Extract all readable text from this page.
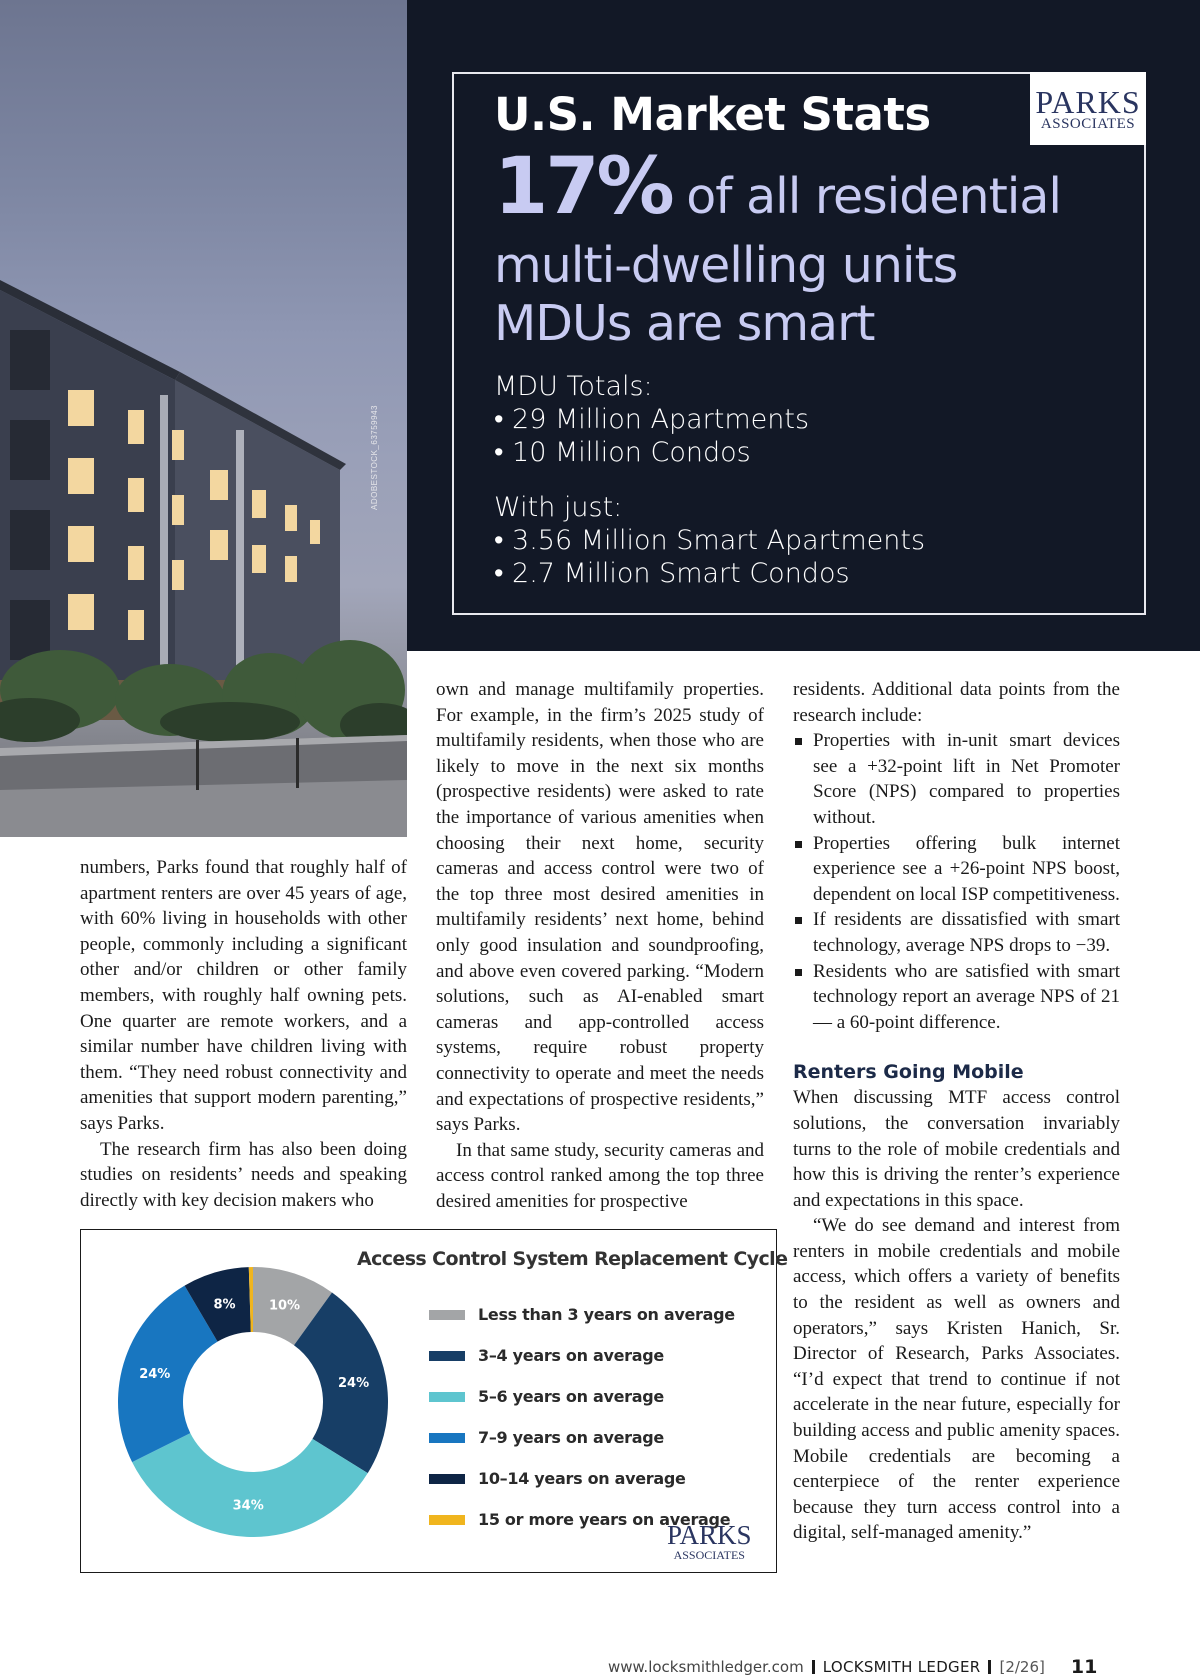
ADOBESTOCK_63759943
PARKS
ASSOCIATES
U.S. Market Stats
17% of all residential
multi-dwelling units
MDUs are smart
MDU Totals:
• 29 Million Apartments
• 10 Million Condos
With just:
• 3.56 Million Smart Apartments
• 2.7 Million Smart Condos

numbers, Parks found that roughly half of apartment renters are over 45 years of age, with 60% living in households with other people, commonly including a significant other and/or children or other family members, with roughly half owning pets. One quarter are remote workers, and a similar number have children living with them. “They need robust connectivity and amenities that support modern parenting,” says Parks.

The research firm has also been doing studies on residents’ needs and speaking directly with key decision makers who

own and manage multifamily properties. For example, in the firm’s 2025 study of multifamily residents, when those who are likely to move in the next six months (prospective residents) were asked to rate the importance of various amenities when choosing their next home, security cameras and access control were two of the top three most desired amenities in multifamily residents’ next home, behind only good insulation and soundproofing, and above even covered parking. “Modern solutions, such as AI-enabled smart cameras and app-controlled access systems, require robust property connectivity to operate and meet the needs and expectations of prospective residents,” says Parks.

In that same study, security cameras and access control ranked among the top three desired amenities for prospective

residents. Additional data points from the research include:

Properties with in-unit smart devices see a +32-point lift in Net Promoter Score (NPS) compared to properties without.
Properties offering bulk internet experience see a +26-point NPS boost, dependent on local ISP competitiveness.
If residents are dissatisfied with smart technology, average NPS drops to −39.
Residents who are satisfied with smart technology report an average NPS of 21 — a 60-point difference.
Renters Going Mobile

When discussing MTF access control solutions, the conversation invariably turns to the role of mobile credentials and how this is driving the renter’s experience and expectations in this space.

“We do see demand and interest from renters in mobile credentials and mobile access, which offers a variety of benefits to the resident as well as owners and operators,” says Kristen Hanich, Sr. Director of Research, Parks Associates. “I’d expect that trend to continue if not accelerate in the near future, especially for building access and public amenity spaces. Mobile credentials are becoming a centerpiece of the renter experience because they turn access control into a digital, self-managed amenity.”

10%
24%
34%
24%
8%
Access Control System Replacement Cycle
Less than 3 years on average
3–4 years on average
5–6 years on average
7–9 years on average
10–14 years on average
15 or more years on average
PARKS
ASSOCIATES
www.locksmithledger.com LOCKSMITH LEDGER [2/26] 11
